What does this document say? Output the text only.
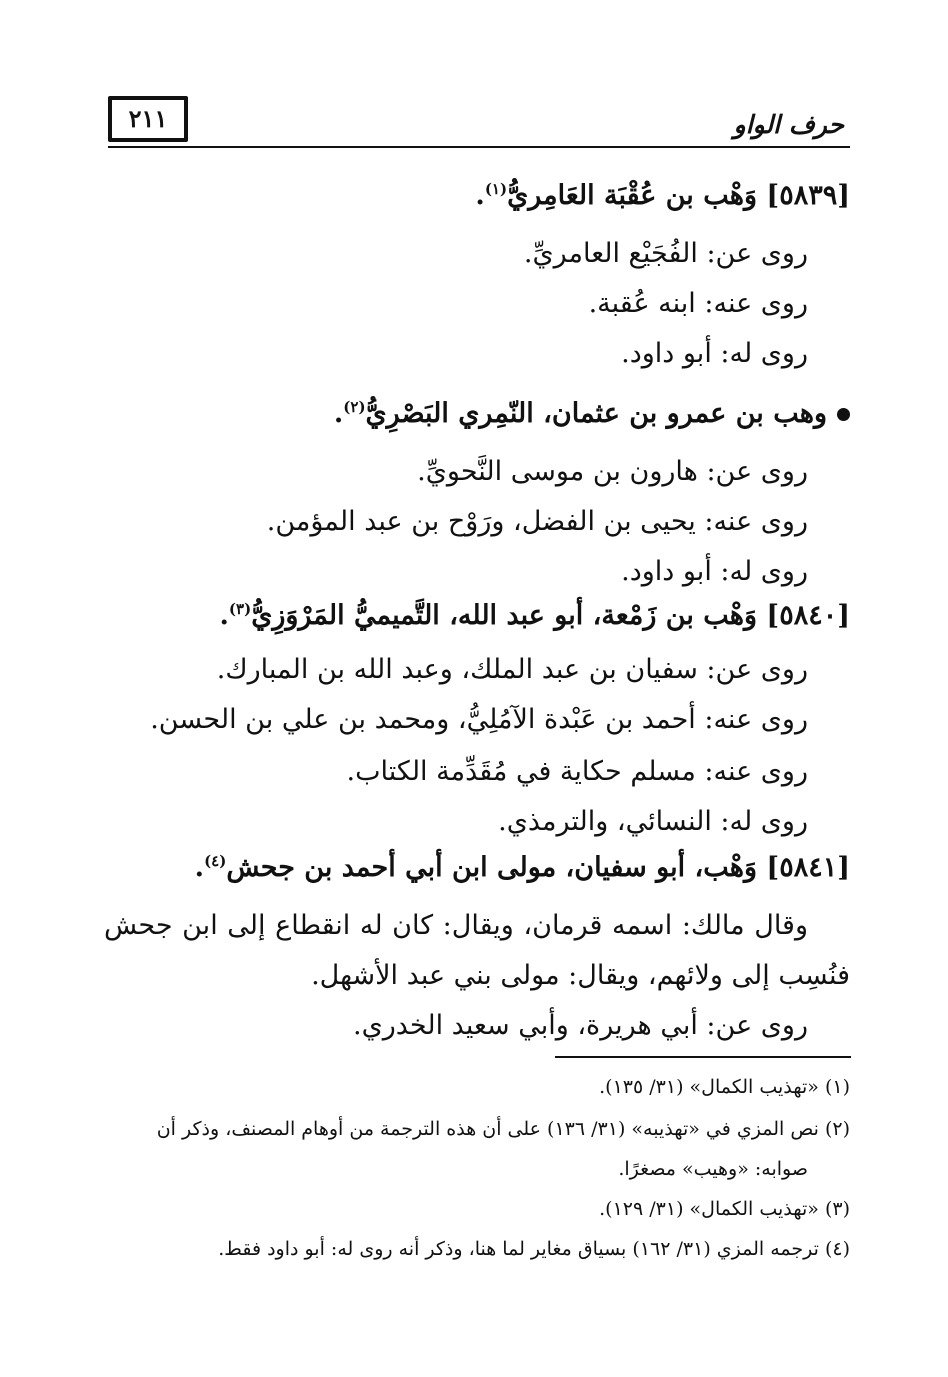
٢١١	حرف الواو
[٥٨٣٩] وَهْب بن عُقْبَة العَامِريُّ$^{(١)}$.
روى عن: الفُجَيْع العامريِّ.
روى عنه: ابنه عُقبة.
روى له: أبو داود.
وهب بن عمرو بن عثمان، النّمِري البَصْرِيُّ$^{(٢)}$.
روى عن: هارون بن موسى النَّحويِّ.
روى عنه: يحيى بن الفضل، ورَوْح بن عبد المؤمن.
روى له: أبو داود.
[٥٨٤٠] وَهْب بن زَمْعة، أبو عبد الله، التَّميميُّ المَرْوَزِيُّ$^{(٣)}$.
روى عن: سفيان بن عبد الملك، وعبد الله بن المبارك.
روى عنه: أحمد بن عَبْدة الآمُلِيُّ، ومحمد بن علي بن الحسن.
روى عنه: مسلم حكاية في مُقَدِّمة الكتاب.
روى له: النسائي، والترمذي.
[٥٨٤١] وَهْب، أبو سفيان، مولى ابن أبي أحمد بن جحش$^{(٤)}$.
وقال مالك: اسمه قرمان، ويقال: كان له انقطاع إلى ابن جحش
فنُسِب إلى ولائهم، ويقال: مولى بني عبد الأشهل.
روى عن: أبي هريرة، وأبي سعيد الخدري.
(١) «تهذيب الكمال» (٣١/ ١٣٥).
(٢) نص المزي في «تهذيبه» (٣١/ ١٣٦) على أن هذه الترجمة من أوهام المصنف، وذكر أن
صوابه: «وهيب» مصغرًا.
(٣) «تهذيب الكمال» (٣١/ ١٢٩).
(٤) ترجمه المزي (٣١/ ١٦٢) بسياق مغاير لما هنا، وذكر أنه روى له: أبو داود فقط.
